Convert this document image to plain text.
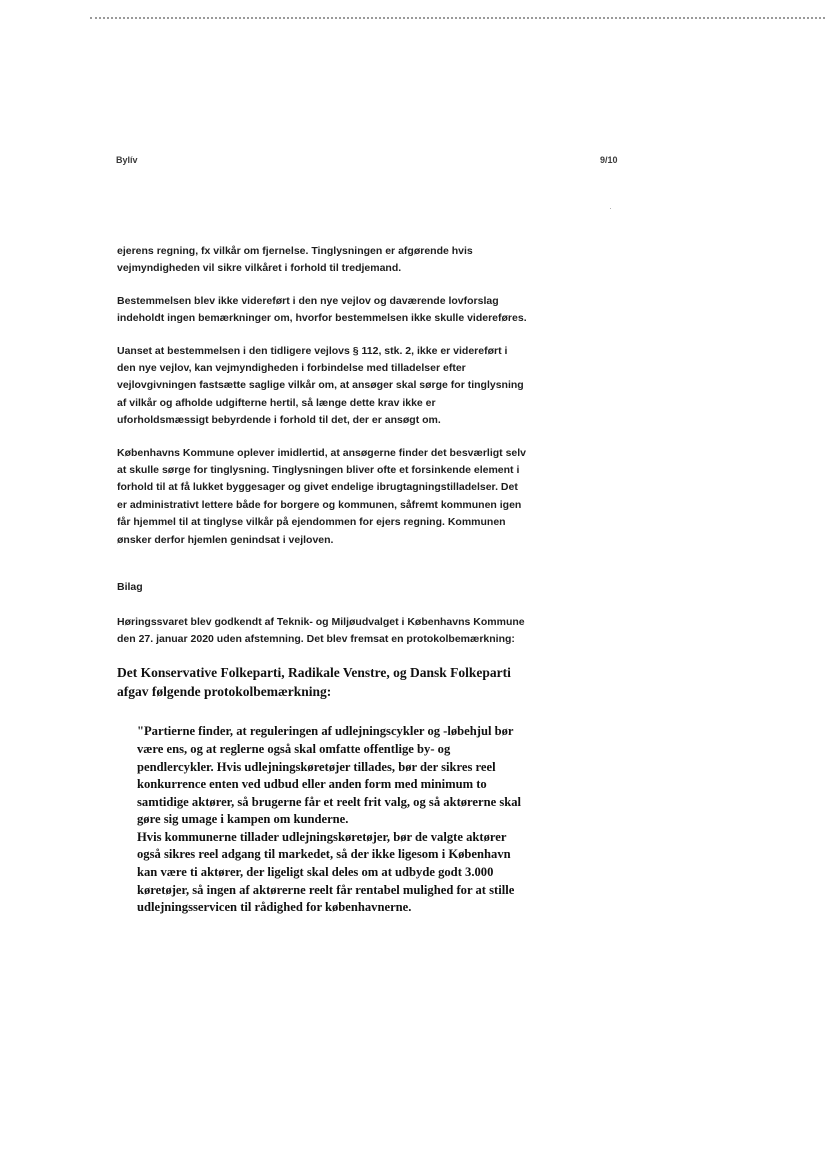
Bylív	9/10

ejerens regning, fx vilkår om fjernelse. Tinglysningen er afgørende hvis vejmyndigheden vil sikre vilkåret i forhold til tredjemand.

Bestemmelsen blev ikke videreført i den nye vejlov og daværende lovforslag indeholdt ingen bemærkninger om, hvorfor bestemmelsen ikke skulle videreføres.

Uanset at bestemmelsen i den tidligere vejlovs § 112, stk. 2, ikke er videreført i den nye vejlov, kan vejmyndigheden i forbindelse med tilladelser efter vejlovgivningen fastsætte saglige vilkår om, at ansøger skal sørge for tinglysning af vilkår og afholde udgifterne hertil, så længe dette krav ikke er uforholdsmæssigt bebyrdende i forhold til det, der er ansøgt om.

Københavns Kommune oplever imidlertid, at ansøgerne finder det besværligt selv at skulle sørge for tinglysning. Tinglysningen bliver ofte et forsinkende element i forhold til at få lukket byggesager og givet endelige ibrugtagningstilladelser. Det er administrativt lettere både for borgere og kommunen, såfremt kommunen igen får hjemmel til at tinglyse vilkår på ejendommen for ejers regning. Kommunen ønsker derfor hjemlen genindsat i vejloven.

Bilag

Høringssvaret blev godkendt af Teknik- og Miljøudvalget i Københavns Kommune den 27. januar 2020 uden afstemning. Det blev fremsat en protokolbemærkning:

Det Konservative Folkeparti, Radikale Venstre, og Dansk Folkeparti afgav følgende protokolbemærkning:

"Partierne finder, at reguleringen af udlejningscykler og -løbehjul bør være ens, og at reglerne også skal omfatte offentlige by- og pendlercykler. Hvis udlejningskøretøjer tillades, bør der sikres reel konkurrence enten ved udbud eller anden form med minimum to samtidige aktører, så brugerne får et reelt frit valg, og så aktørerne skal gøre sig umage i kampen om kunderne.
Hvis kommunerne tillader udlejningskøretøjer, bør de valgte aktører også sikres reel adgang til markedet, så der ikke ligesom i København kan være ti aktører, der ligeligt skal deles om at udbyde godt 3.000 køretøjer, så ingen af aktørerne reelt får rentabel mulighed for at stille udlejningsservicen til rådighed for københavnerne.
